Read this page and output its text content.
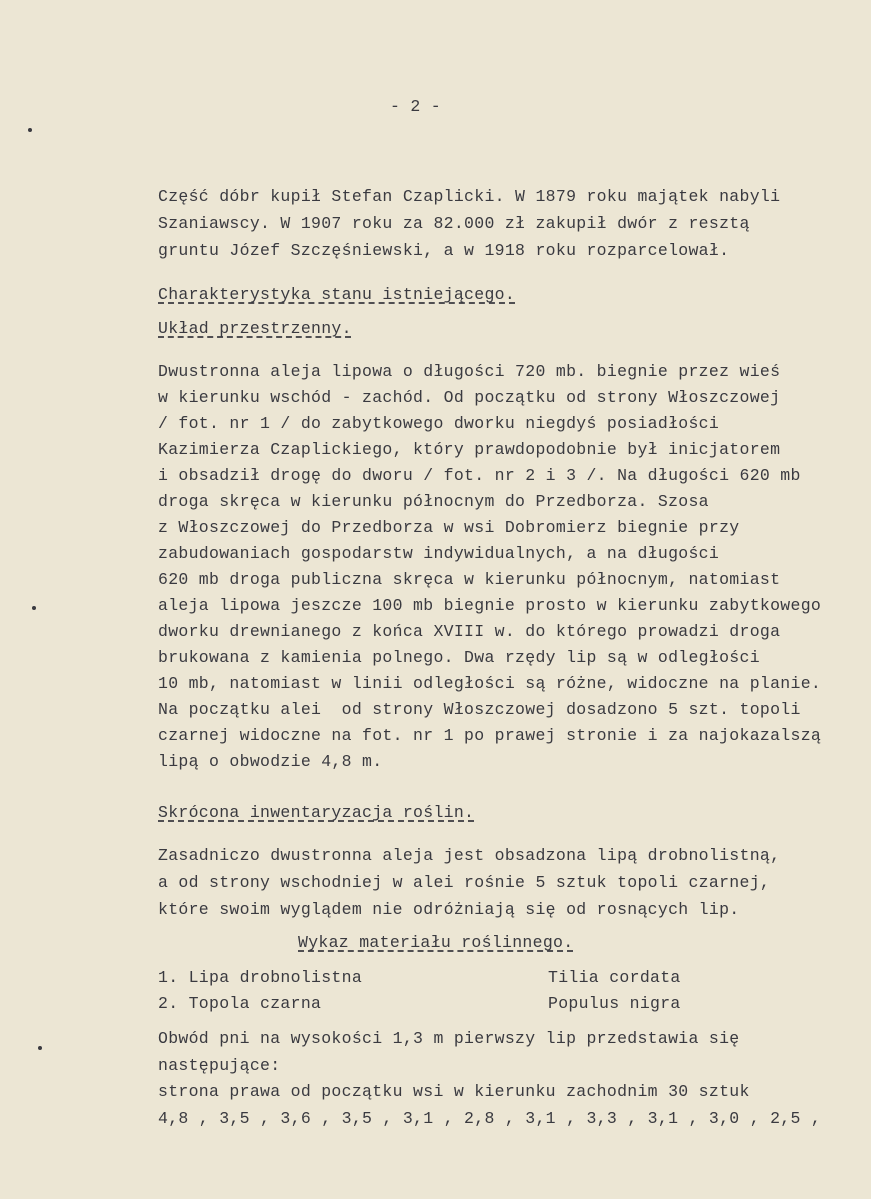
- 2 -
Część dóbr kupił Stefan Czaplicki. W 1879 roku majątek nabyli
Szaniawscy. W 1907 roku za 82.000 zł zakupił dwór z resztą
gruntu Józef Szczęśniewski, a w 1918 roku rozparcelował.
Charakterystyka stanu istniejącego.
Układ przestrzenny.
Dwustronna aleja lipowa o długości 720 mb. biegnie przez wieś
w kierunku wschód - zachód. Od początku od strony Włoszczowej
/ fot. nr 1 / do zabytkowego dworku niegdyś posiadłości
Kazimierza Czaplickiego, który prawdopodobnie był inicjatorem
i obsadził drogę do dworu / fot. nr 2 i 3 /. Na długości 620 mb
droga skręca w kierunku północnym do Przedborza. Szosa
z Włoszczowej do Przedborza w wsi Dobromierz biegnie przy
zabudowaniach gospodarstw indywidualnych, a na długości
620 mb droga publiczna skręca w kierunku północnym, natomiast
aleja lipowa jeszcze 100 mb biegnie prosto w kierunku zabytkowego
dworku drewnianego z końca XVIII w. do którego prowadzi droga
brukowana z kamienia polnego. Dwa rzędy lip są w odległości
10 mb, natomiast w linii odległości są różne, widoczne na planie.
Na początku alei  od strony Włoszczowej dosadzono 5 szt. topoli
czarnej widoczne na fot. nr 1 po prawej stronie i za najokazalszą
lipą o obwodzie 4,8 m.
Skrócona inwentaryzacja roślin.
Zasadniczo dwustronna aleja jest obsadzona lipą drobnolistną,
a od strony wschodniej w alei rośnie 5 sztuk topoli czarnej,
które swoim wyglądem nie odróżniają się od rosnących lip.
Wykaz materiału roślinnego.
1. Lipa drobnolistna	Tilia cordata
2. Topola czarna	Populus nigra
Obwód pni na wysokości 1,3 m pierwszy lip przedstawia się
następujące:
strona prawa od początku wsi w kierunku zachodnim 30 sztuk
4,8 , 3,5 , 3,6 , 3,5 , 3,1 , 2,8 , 3,1 , 3,3 , 3,1 , 3,0 , 2,5 ,
